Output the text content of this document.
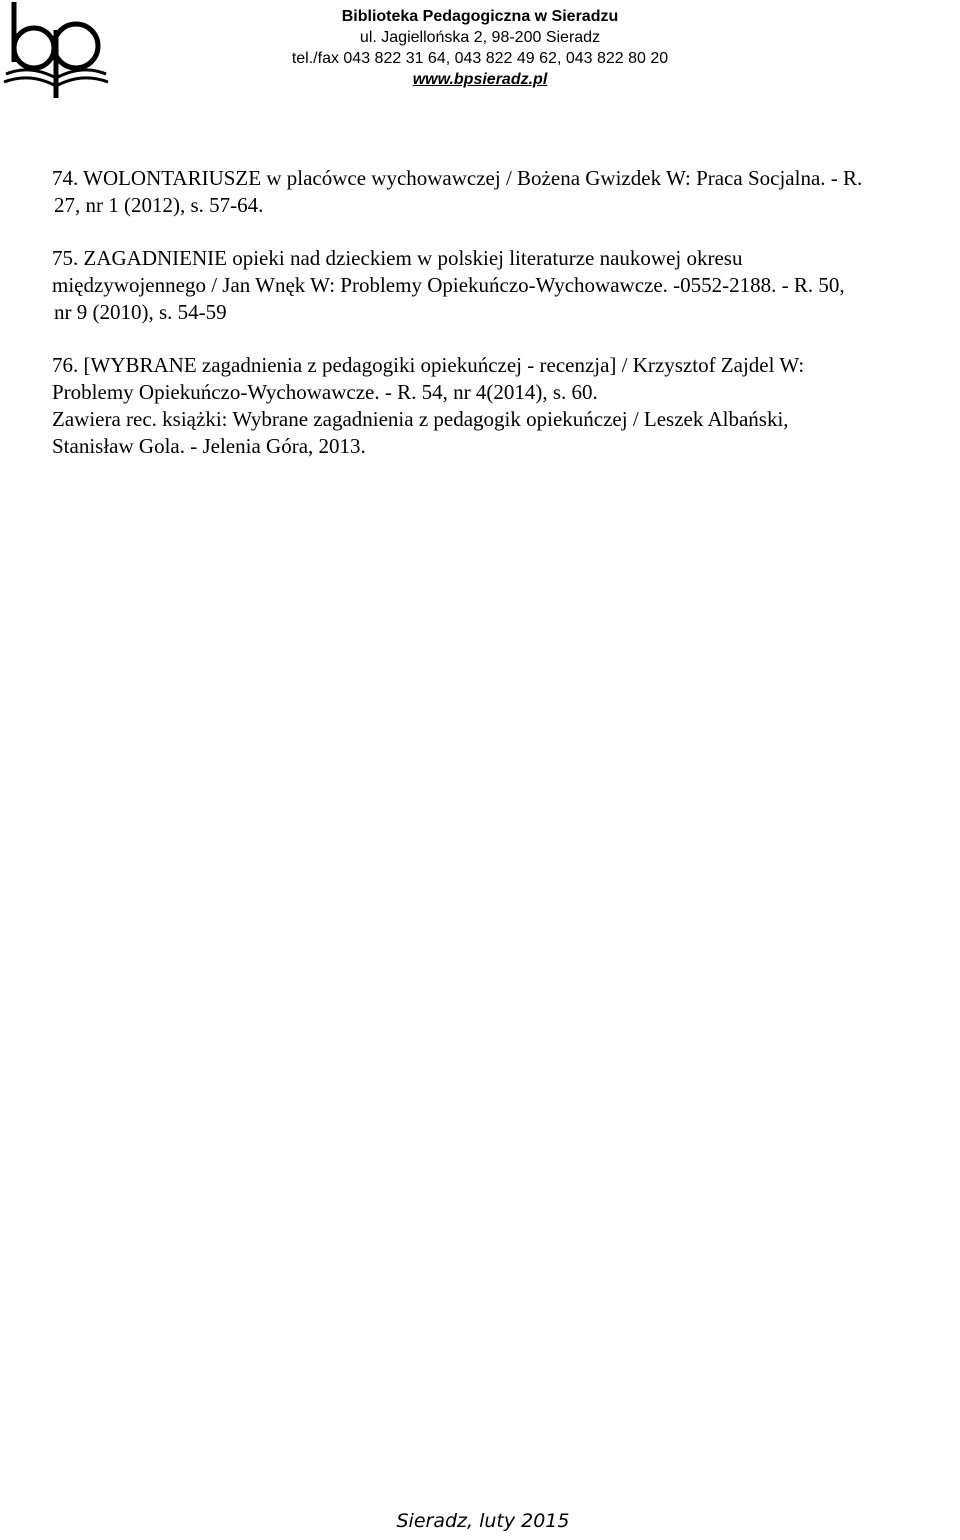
Biblioteka Pedagogiczna w Sieradzu
ul. Jagiellońska 2, 98-200 Sieradz
tel./fax 043 822 31 64, 043 822 49 62, 043 822 80 20
www.bpsieradz.pl
74. WOLONTARIUSZE w placówce wychowawczej / Bożena Gwizdek W: Praca Socjalna. - R.
27, nr 1 (2012), s. 57-64.
75. ZAGADNIENIE opieki nad dzieckiem w polskiej literaturze naukowej okresu
międzywojennego / Jan Wnęk W: Problemy Opiekuńczo-Wychowawcze. -0552-2188. - R. 50,
nr 9 (2010), s. 54-59
76. [WYBRANE zagadnienia z pedagogiki opiekuńczej - recenzja] / Krzysztof Zajdel W:
Problemy Opiekuńczo-Wychowawcze. - R. 54, nr 4(2014), s. 60.
Zawiera rec. książki: Wybrane zagadnienia z pedagogik opiekuńczej / Leszek Albański,
Stanisław Gola. - Jelenia Góra, 2013.
Sieradz, luty 2015
